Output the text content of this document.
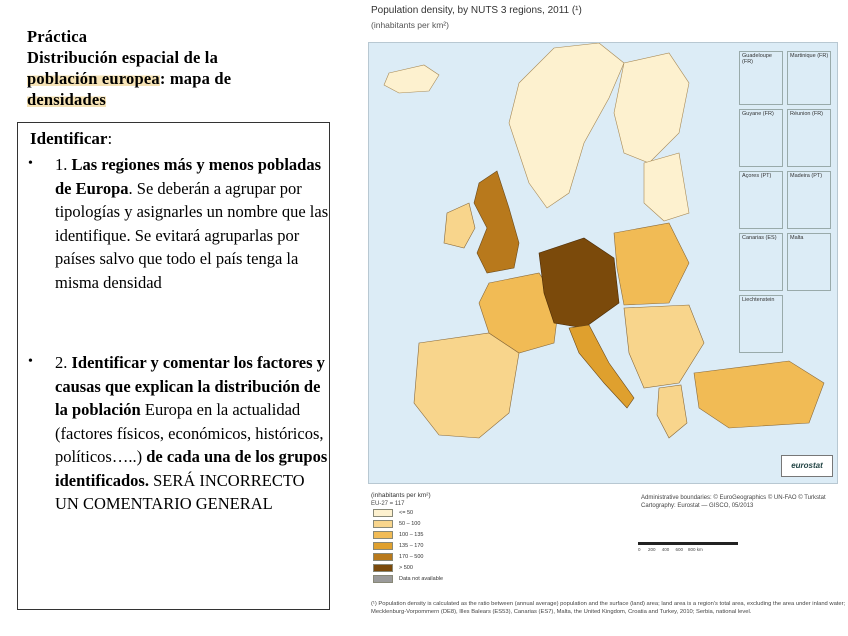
Práctica
Distribución espacial de la
población europea: mapa de
densidades
Identificar:
• 1. Las regiones más y menos pobladas de Europa. Se deberán a agrupar por tipologías y asignarles un nombre que las identifique. Se evitará agruparlas por países salvo que todo el país tenga la misma densidad
• 2. Identificar y comentar los factores y causas que explican la distribución de la población Europa en la actualidad (factores físicos, económicos, históricos, políticos…..) de cada una de los grupos identificados. SERÁ INCORRECTO UN COMENTARIO GENERAL
Population density, by NUTS 3 regions, 2011 (¹)
(inhabitants per km²)
Guadeloupe (FR)
Martinique (FR)
Guyane (FR)	Réunion (FR)
Açores (PT)	Madeira (PT)
Canarias (ES) Malta
Liechtenstein
eurostat
(inhabitants per km²)
EU-27 = 117
<= 50
50 – 100
100 – 135
135 – 170
170 – 500
> 500
Data not available
Administrative boundaries: © EuroGeographics © UN-FAO © Turkstat Cartography: Eurostat — GISCO, 05/2013
0      200     400     600    800 km
(¹) Population density is calculated as the ratio between (annual average) population and the surface (land) area; land area is a region's total area, excluding the area under inland water; Mecklenburg-Vorpommern (DE8), Illes Balears (ES53), Canarias (ES7), Malta, the United Kingdom, Croatia and Turkey, 2010; Serbia, national level.
